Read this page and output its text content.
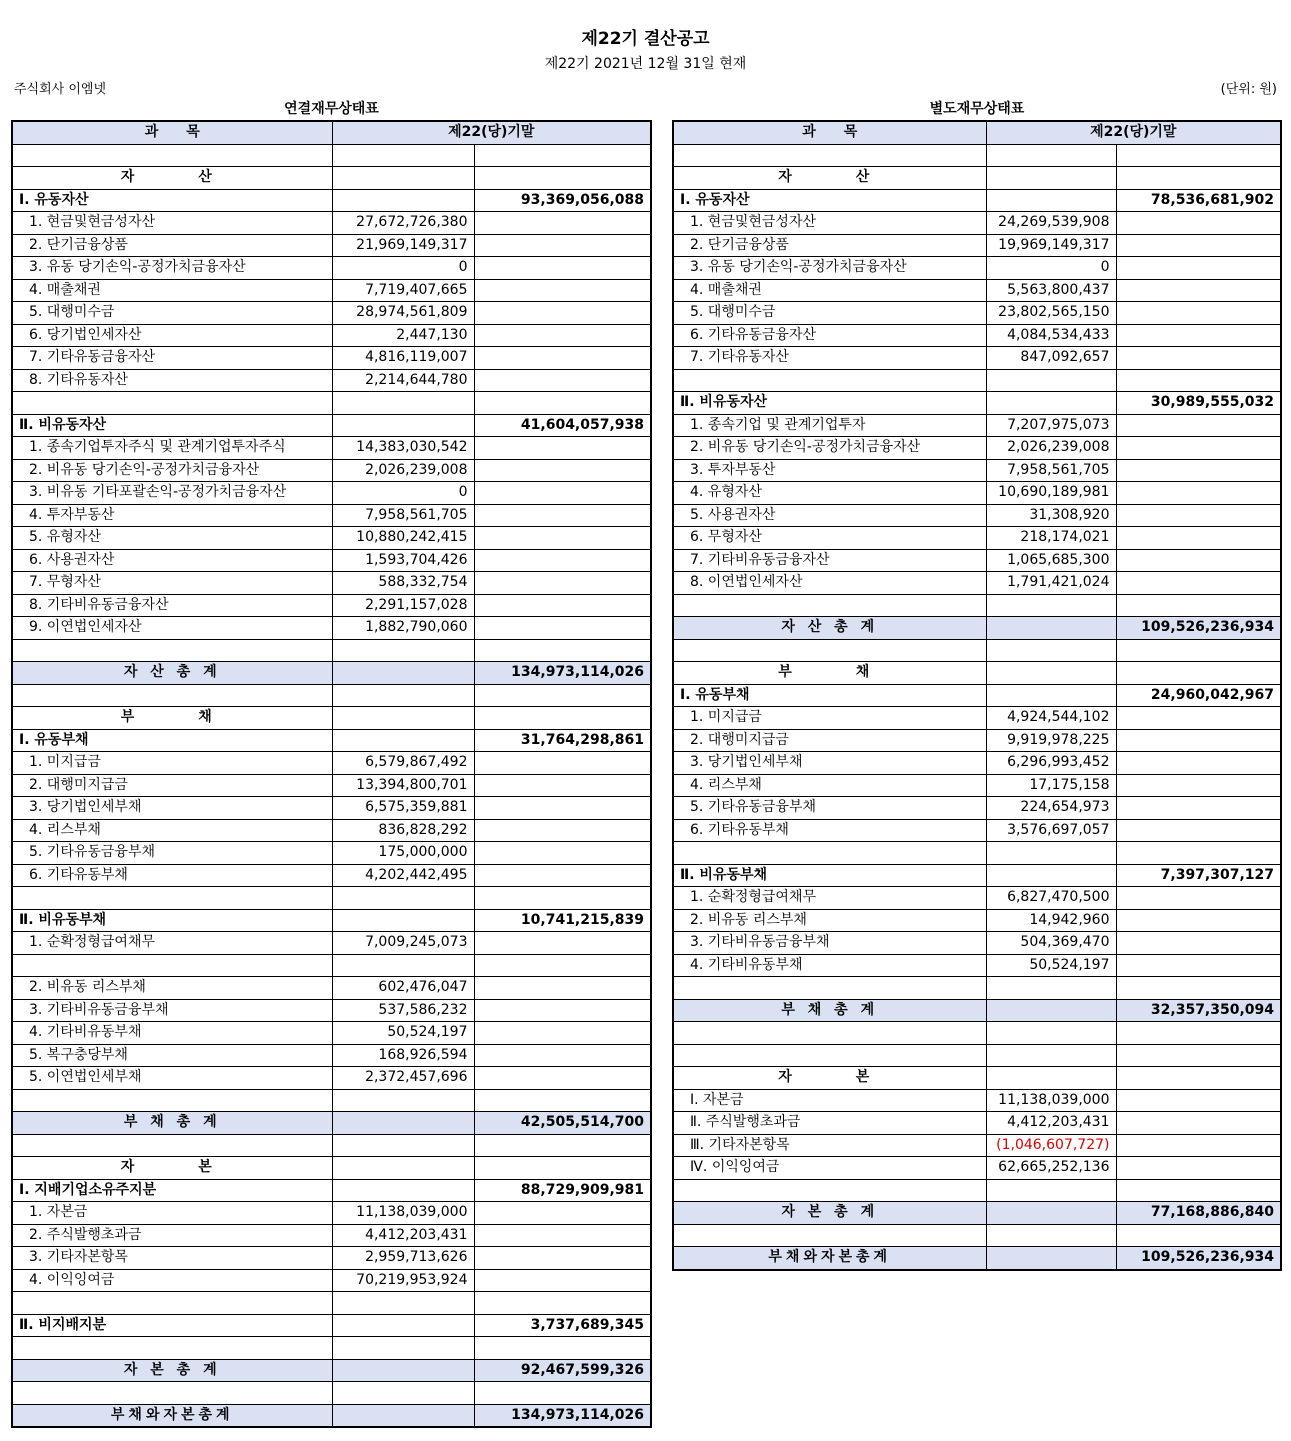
제22기 결산공고
제22기 2021년 12월 31일 현재
주식회사 이엠넷	(단위: 원)
연결재무상태표	별도재무상태표
과　　목	제22(당)기말	

자　　산		
Ⅰ. 유동자산		93,369,056,088
1. 현금및현금성자산	27,672,726,380	
2. 단기금융상품	21,969,149,317	
3. 유동 당기손익-공정가치금융자산	0	
4. 매출채권	7,719,407,665	
5. 대행미수금	28,974,561,809	
6. 당기법인세자산	2,447,130	
7. 기타유동금융자산	4,816,119,007	
8. 기타유동자산	2,214,644,780	

Ⅱ. 비유동자산		41,604,057,938
1. 종속기업투자주식 및 관계기업투자주식	14,383,030,542	
2. 비유동 당기손익-공정가치금융자산	2,026,239,008	
3. 비유동 기타포괄손익-공정가치금융자산	0	
4. 투자부동산	7,958,561,705	
5. 유형자산	10,880,242,415	
6. 사용권자산	1,593,704,426	
7. 무형자산	588,332,754	
8. 기타비유동금융자산	2,291,157,028	
9. 이연법인세자산	1,882,790,060	

자 산 총 계		134,973,114,026

부　　채		
Ⅰ. 유동부채		31,764,298,861
1. 미지급금	6,579,867,492	
2. 대행미지급금	13,394,800,701	
3. 당기법인세부채	6,575,359,881	
4. 리스부채	836,828,292	
5. 기타유동금융부채	175,000,000	
6. 기타유동부채	4,202,442,495	

Ⅱ. 비유동부채		10,741,215,839
1. 순확정형급여채무	7,009,245,073	

2. 비유동 리스부채	602,476,047	
3. 기타비유동금융부채	537,586,232	
4. 기타비유동부채	50,524,197	
5. 복구충당부채	168,926,594	
5. 이연법인세부채	2,372,457,696	

부 채 총 계		42,505,514,700

자　　본		
Ⅰ. 지배기업소유주지분		88,729,909,981
1. 자본금	11,138,039,000	
2. 주식발행초과금	4,412,203,431	
3. 기타자본항목	2,959,713,626	
4. 이익잉여금	70,219,953,924	

Ⅱ. 비지배지분		3,737,689,345

자 본 총 계		92,467,599,326

부채와자본총계		134,973,114,026
과　　목	제22(당)기말	

자　　산		
Ⅰ. 유동자산		78,536,681,902
1. 현금및현금성자산	24,269,539,908	
2. 단기금융상품	19,969,149,317	
3. 유동 당기손익-공정가치금융자산	0	
4. 매출채권	5,563,800,437	
5. 대행미수금	23,802,565,150	
6. 기타유동금융자산	4,084,534,433	
7. 기타유동자산	847,092,657	

Ⅱ. 비유동자산		30,989,555,032
1. 종속기업 및 관계기업투자	7,207,975,073	
2. 비유동 당기손익-공정가치금융자산	2,026,239,008	
3. 투자부동산	7,958,561,705	
4. 유형자산	10,690,189,981	
5. 사용권자산	31,308,920	
6. 무형자산	218,174,021	
7. 기타비유동금융자산	1,065,685,300	
8. 이연법인세자산	1,791,421,024	

자 산 총 계		109,526,236,934

부　　채		
Ⅰ. 유동부채		24,960,042,967
1. 미지급금	4,924,544,102	
2. 대행미지급금	9,919,978,225	
3. 당기법인세부채	6,296,993,452	
4. 리스부채	17,175,158	
5. 기타유동금융부채	224,654,973	
6. 기타유동부채	3,576,697,057	

Ⅱ. 비유동부채		7,397,307,127
1. 순확정형급여채무	6,827,470,500	
2. 비유동 리스부채	14,942,960	
3. 기타비유동금융부채	504,369,470	
4. 기타비유동부채	50,524,197	

부 채 총 계		32,357,350,094

자　　본		
Ⅰ. 자본금	11,138,039,000	
Ⅱ. 주식발행초과금	4,412,203,431	
Ⅲ. 기타자본항목	(1,046,607,727)	
Ⅳ. 이익잉여금	62,665,252,136	

자 본 총 계		77,168,886,840

부채와자본총계		109,526,236,934
